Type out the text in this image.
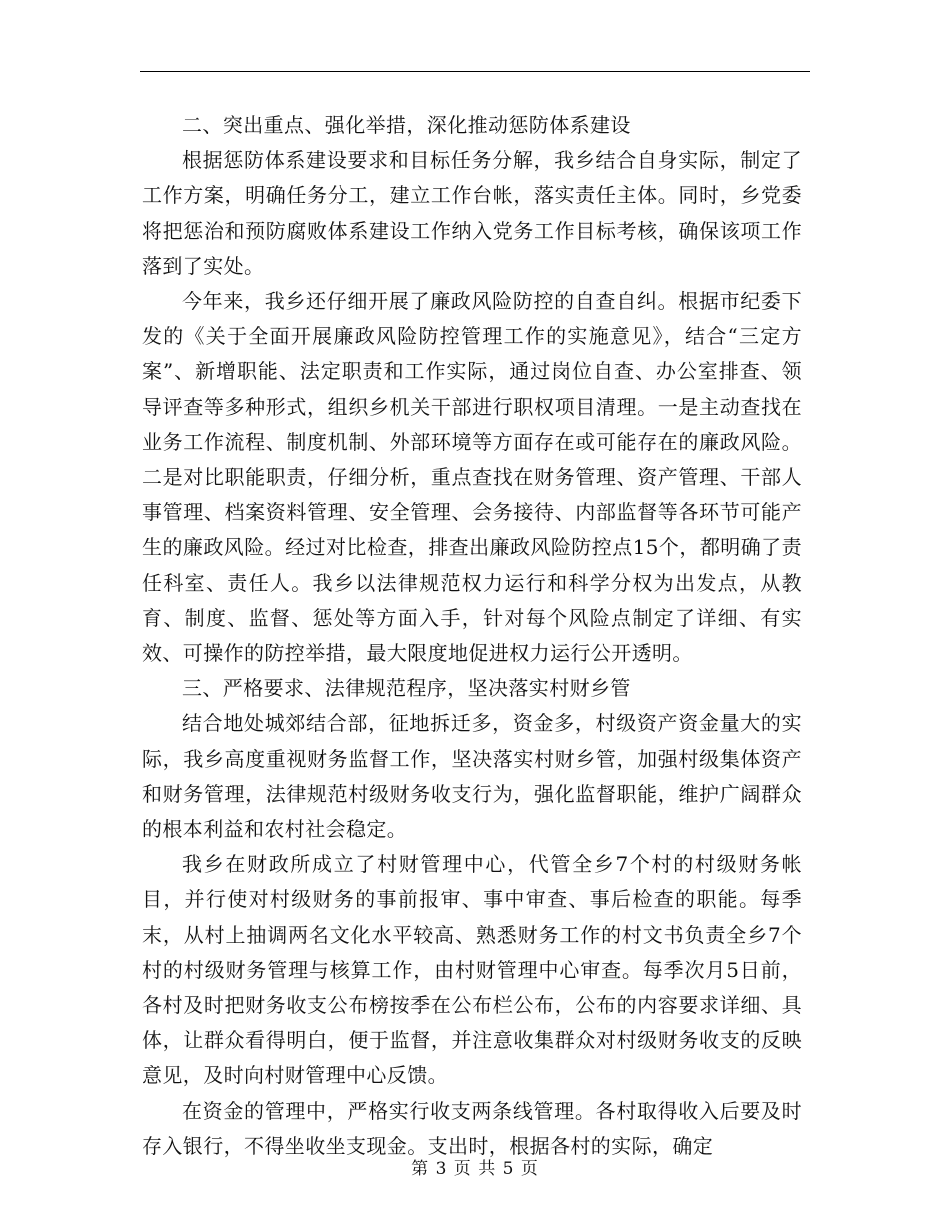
二、突出重点、强化举措，深化推动惩防体系建设

根据惩防体系建设要求和目标任务分解，我乡结合自身实际，制定了工作方案，明确任务分工，建立工作台帐，落实责任主体。同时，乡党委将把惩治和预防腐败体系建设工作纳入党务工作目标考核，确保该项工作落到了实处。

今年来，我乡还仔细开展了廉政风险防控的自查自纠。根据市纪委下发的《关于全面开展廉政风险防控管理工作的实施意见》，结合“三定方案”、新增职能、法定职责和工作实际，通过岗位自查、办公室排查、领导评查等多种形式，组织乡机关干部进行职权项目清理。一是主动查找在业务工作流程、制度机制、外部环境等方面存在或可能存在的廉政风险。二是对比职能职责，仔细分析，重点查找在财务管理、资产管理、干部人事管理、档案资料管理、安全管理、会务接待、内部监督等各环节可能产生的廉政风险。经过对比检查，排查出廉政风险防控点15个，都明确了责任科室、责任人。我乡以法律规范权力运行和科学分权为出发点，从教育、制度、监督、惩处等方面入手，针对每个风险点制定了详细、有实效、可操作的防控举措，最大限度地促进权力运行公开透明。

三、严格要求、法律规范程序，坚决落实村财乡管

结合地处城郊结合部，征地拆迁多，资金多，村级资产资金量大的实际，我乡高度重视财务监督工作，坚决落实村财乡管，加强村级集体资产和财务管理，法律规范村级财务收支行为，强化监督职能，维护广阔群众的根本利益和农村社会稳定。

我乡在财政所成立了村财管理中心，代管全乡7个村的村级财务帐目，并行使对村级财务的事前报审、事中审查、事后检查的职能。每季末，从村上抽调两名文化水平较高、熟悉财务工作的村文书负责全乡7个村的村级财务管理与核算工作，由村财管理中心审查。每季次月5日前，各村及时把财务收支公布榜按季在公布栏公布，公布的内容要求详细、具体，让群众看得明白，便于监督，并注意收集群众对村级财务收支的反映意见，及时向村财管理中心反馈。

在资金的管理中，严格实行收支两条线管理。各村取得收入后要及时存入银行，不得坐收坐支现金。支出时，根据各村的实际，确定

第 3 页 共 5 页
